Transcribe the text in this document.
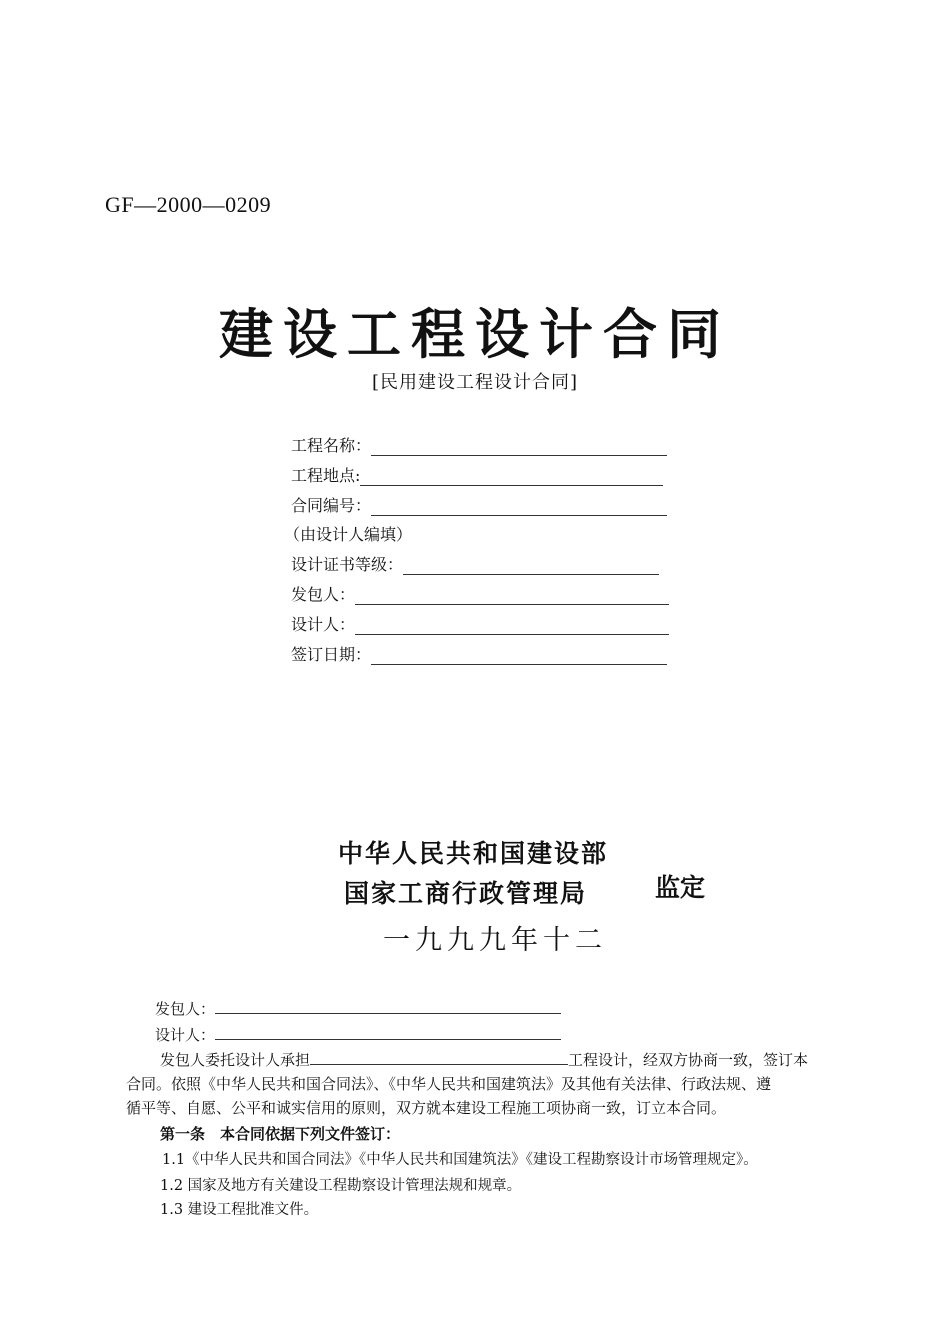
GF—2000—0209
建设工程设计合同
[民用建设工程设计合同]
工程名称：
工程地点:
合同编号：
（由设计人编填）
设计证书等级：
发包人：
设计人：
签订日期：
中华人民共和国建设部
国家工商行政管理局	监定
一九九九年十二
发包人：
设计人：
发包人委托设计人承担	工程设计，经双方协商一致，签订本
合同。依照《中华人民共和国合同法》、《中华人民共和国建筑法》及其他有关法律、行政法规、遵
循平等、自愿、公平和诚实信用的原则，双方就本建设工程施工项协商一致，订立本合同。
第一条　本合同依据下列文件签订：
1.1《中华人民共和国合同法》《中华人民共和国建筑法》《建设工程勘察设计市场管理规定》。
1.2 国家及地方有关建设工程勘察设计管理法规和规章。
1.3 建设工程批准文件。
